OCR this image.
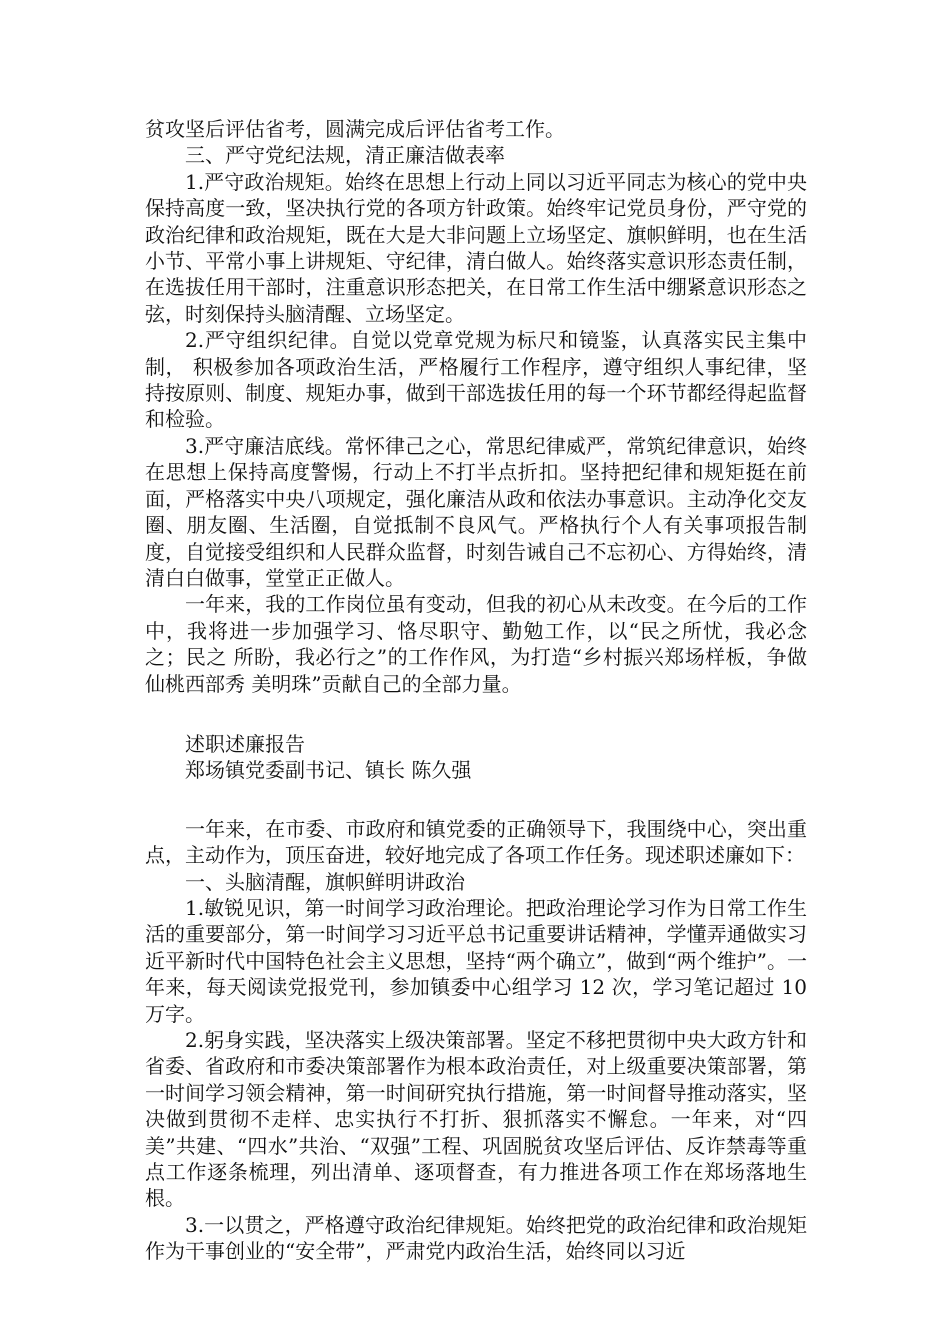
贫攻坚后评估省考，圆满完成后评估省考工作。

三、严守党纪法规，清正廉洁做表率

1.严守政治规矩。始终在思想上行动上同以习近平同志为核心的党中央 保持高度一致，坚决执行党的各项方针政策。始终牢记党员身份，严守党的政治纪律和政治规矩，既在大是大非问题上立场坚定、旗帜鲜明，也在生活小节、平常小事上讲规矩、守纪律，清白做人。始终落实意识形态责任制，在选拔任用干部时，注重意识形态把关，在日常工作生活中绷紧意识形态之弦，时刻保持头脑清醒、立场坚定。

2.严守组织纪律。自觉以党章党规为标尺和镜鉴，认真落实民主集中制， 积极参加各项政治生活，严格履行工作程序，遵守组织人事纪律，坚持按原则、制度、规矩办事，做到干部选拔任用的每一个环节都经得起监督和检验。

3.严守廉洁底线。常怀律己之心，常思纪律威严，常筑纪律意识，始终在思想上保持高度警惕，行动上不打半点折扣。坚持把纪律和规矩挺在前面，严格落实中央八项规定，强化廉洁从政和依法办事意识。主动净化交友圈、朋友圈、生活圈，自觉抵制不良风气。严格执行个人有关事项报告制度，自觉接受组织和人民群众监督，时刻告诫自己不忘初心、方得始终，清清白白做事，堂堂正正做人。

一年来，我的工作岗位虽有变动，但我的初心从未改变。在今后的工作中，我将进一步加强学习、恪尽职守、勤勉工作，以“民之所忧，我必念之；民之 所盼，我必行之”的工作作风，为打造“乡村振兴郑场样板，争做仙桃西部秀 美明珠”贡献自己的全部力量。

述职述廉报告

郑场镇党委副书记、镇长 陈久强

一年来，在市委、市政府和镇党委的正确领导下，我围绕中心，突出重点，主动作为，顶压奋进，较好地完成了各项工作任务。现述职述廉如下：

一、头脑清醒，旗帜鲜明讲政治

1.敏锐见识，第一时间学习政治理论。把政治理论学习作为日常工作生活的重要部分，第一时间学习习近平总书记重要讲话精神，学懂弄通做实习近平新时代中国特色社会主义思想，坚持“两个确立”，做到“两个维护”。一年来，每天阅读党报党刊，参加镇委中心组学习 12 次，学习笔记超过 10 万字。

2.躬身实践，坚决落实上级决策部署。坚定不移把贯彻中央大政方针和省委、省政府和市委决策部署作为根本政治责任，对上级重要决策部署，第一时间学习领会精神，第一时间研究执行措施，第一时间督导推动落实，坚决做到贯彻不走样、忠实执行不打折、狠抓落实不懈怠。一年来，对“四美”共建、“四水”共治、“双强”工程、巩固脱贫攻坚后评估、反诈禁毒等重点工作逐条梳理，列出清单、逐项督查，有力推进各项工作在郑场落地生根。

3.一以贯之，严格遵守政治纪律规矩。始终把党的政治纪律和政治规矩作为干事创业的“安全带”，严肃党内政治生活，始终同以习近
